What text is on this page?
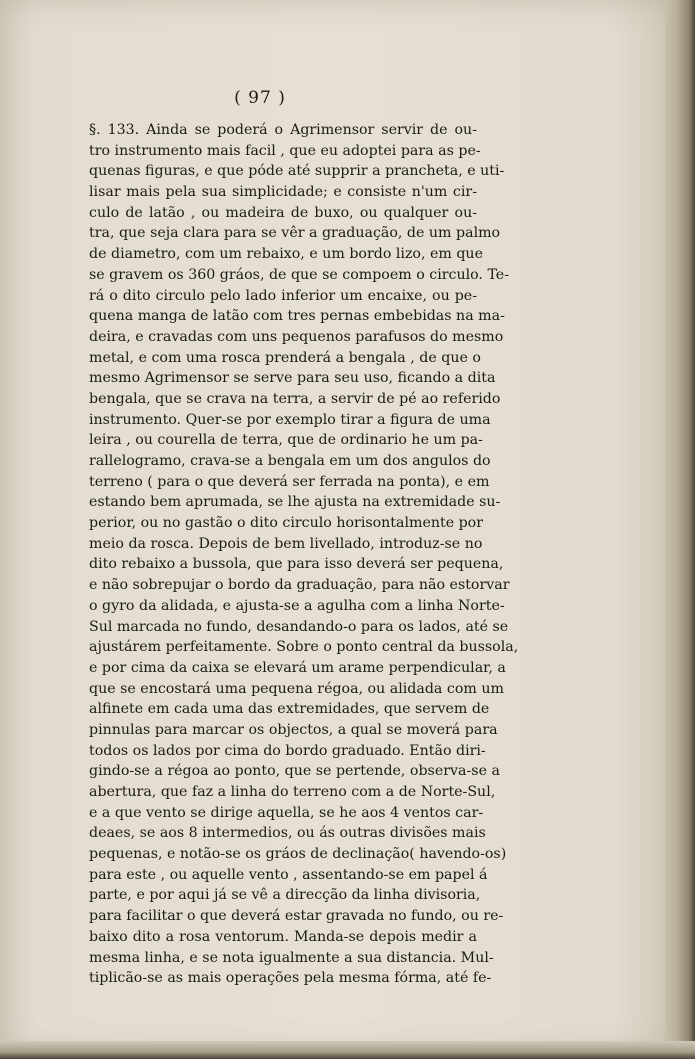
( 97 )
§. 133. Ainda se poderá o Agrimensor servir de ou-
tro instrumento mais facil , que eu adoptei para as pe-
quenas figuras, e que póde até supprir a prancheta, e uti-
lisar mais pela sua simplicidade; e consiste n'um cir-
culo de latão , ou madeira de buxo, ou qualquer ou-
tra, que seja clara para se vêr a graduação, de um palmo
de diametro, com um rebaixo, e um bordo lizo, em que
se gravem os 360 gráos, de que se compoem o circulo. Te-
rá o dito circulo pelo lado inferior um encaixe, ou pe-
quena manga de latão com tres pernas embebidas na ma-
deira, e cravadas com uns pequenos parafusos do mesmo
metal, e com uma rosca prenderá a bengala , de que o
mesmo Agrimensor se serve para seu uso, ficando a dita
bengala, que se crava na terra, a servir de pé ao referido
instrumento. Quer-se por exemplo tirar a figura de uma
leira , ou courella de terra, que de ordinario he um pa-
rallelogramo, crava-se a bengala em um dos angulos do
terreno ( para o que deverá ser ferrada na ponta), e em
estando bem aprumada, se lhe ajusta na extremidade su-
perior, ou no gastão o dito circulo horisontalmente por
meio da rosca. Depois de bem livellado, introduz-se no
dito rebaixo a bussola, que para isso deverá ser pequena,
e não sobrepujar o bordo da graduação, para não estorvar
o gyro da alidada, e ajusta-se a agulha com a linha Norte-
Sul marcada no fundo, desandando-o para os lados, até se
ajustárem perfeitamente. Sobre o ponto central da bussola,
e por cima da caixa se elevará um arame perpendicular, a
que se encostará uma pequena régoa, ou alidada com um
alfinete em cada uma das extremidades, que servem de
pinnulas para marcar os objectos, a qual se moverá para
todos os lados por cima do bordo graduado. Então diri-
gindo-se a régoa ao ponto, que se pertende, observa-se a
abertura, que faz a linha do terreno com a de Norte-Sul,
e a que vento se dirige aquella, se he aos 4 ventos car-
deaes, se aos 8 intermedios, ou ás outras divisões mais
pequenas, e notão-se os gráos de declinação( havendo-os)
para este , ou aquelle vento , assentando-se em papel á
parte, e por aqui já se vê a direcção da linha divisoria,
para facilitar o que deverá estar gravada no fundo, ou re-
baixo dito a rosa ventorum. Manda-se depois medir a
mesma linha, e se nota igualmente a sua distancia. Mul-
tiplicão-se as mais operações pela mesma fórma, até fe-
